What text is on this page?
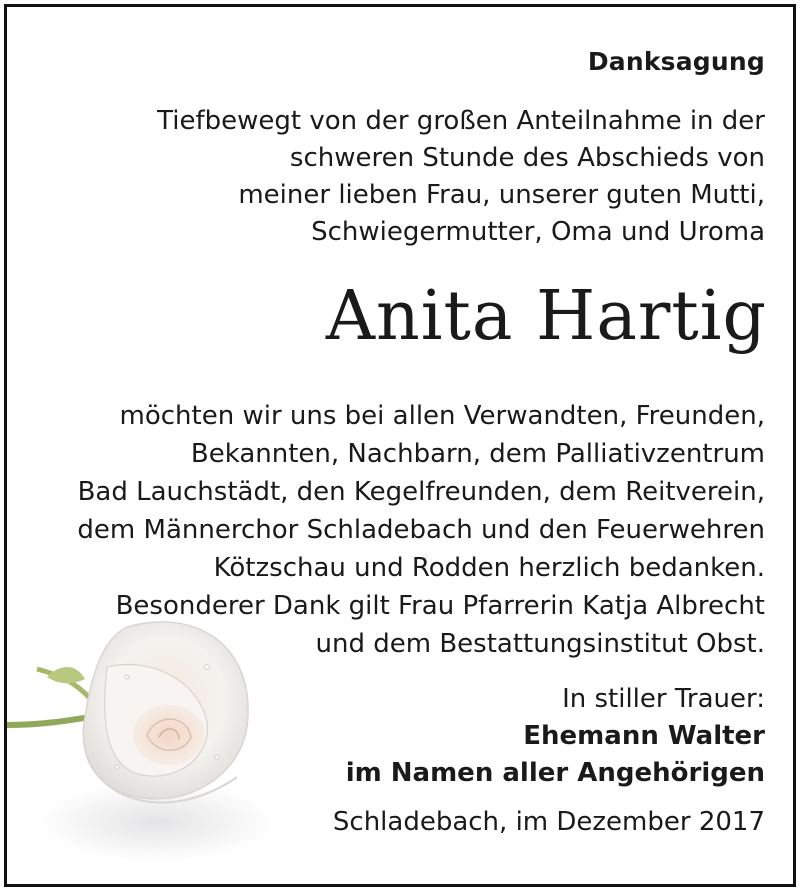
Danksagung
Tiefbewegt von der großen Anteilnahme in der
schweren Stunde des Abschieds von
meiner lieben Frau, unserer guten Mutti,
Schwiegermutter, Oma und Uroma
Anita Hartig
möchten wir uns bei allen Verwandten, Freunden,
Bekannten, Nachbarn, dem Palliativzentrum
Bad Lauchstädt, den Kegelfreunden, dem Reitverein,
dem Männerchor Schladebach und den Feuerwehren
Kötzschau und Rodden herzlich bedanken.
Besonderer Dank gilt Frau Pfarrerin Katja Albrecht
und dem Bestattungsinstitut Obst.
In stiller Trauer:
Ehemann Walter
im Namen aller Angehörigen
Schladebach, im Dezember 2017
